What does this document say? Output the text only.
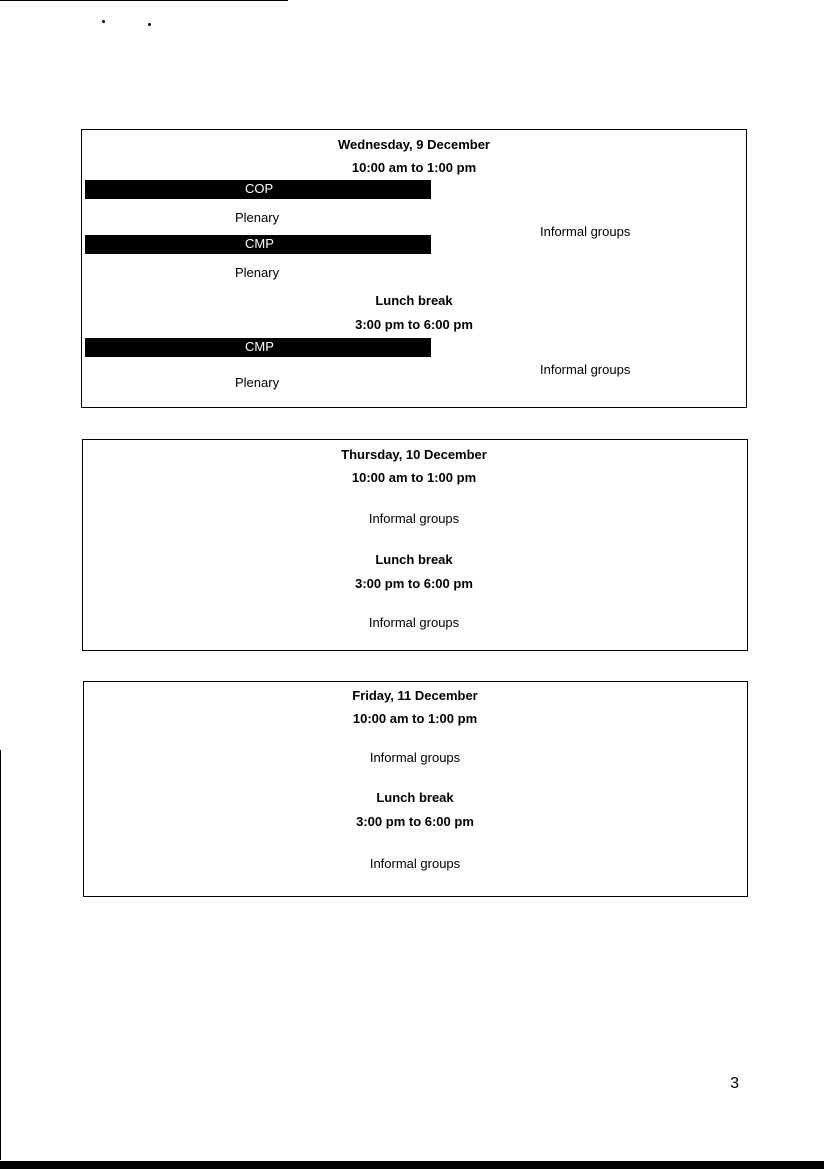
Wednesday, 9 December
10:00 am to 1:00 pm
COP
Plenary
CMP
Plenary
Informal groups
Lunch break
3:00 pm to 6:00 pm
CMP
Plenary
Informal groups
Thursday, 10 December
10:00 am to 1:00 pm
Informal groups
Lunch break
3:00 pm to 6:00 pm
Informal groups
Friday, 11 December
10:00 am to 1:00 pm
Informal groups
Lunch break
3:00 pm to 6:00 pm
Informal groups
3
